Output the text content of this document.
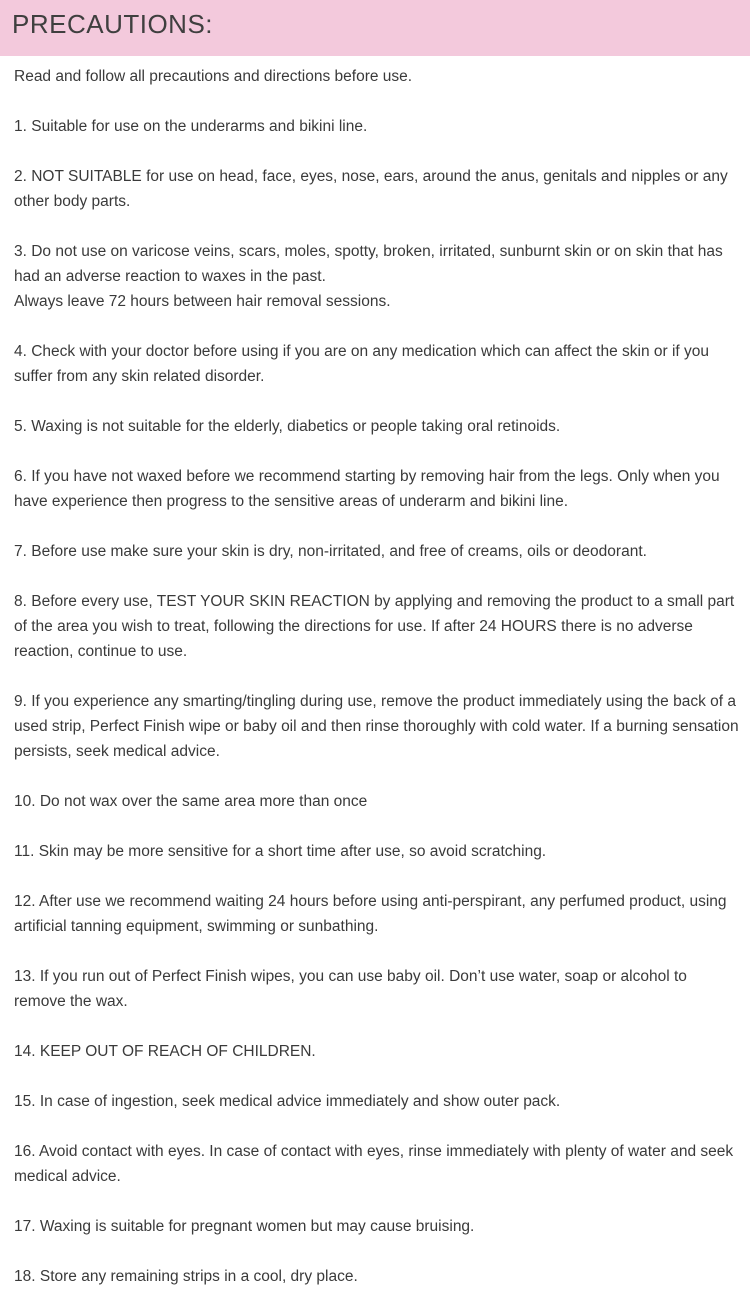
PRECAUTIONS:

Read and follow all precautions and directions before use.

1. Suitable for use on the underarms and bikini line.
2. NOT SUITABLE for use on head, face, eyes, nose, ears, around the anus, genitals and nipples or any other body parts.
3. Do not use on varicose veins, scars, moles, spotty, broken, irritated, sunburnt skin or on skin that has had an adverse reaction to waxes in the past.
Always leave 72 hours between hair removal sessions.
4. Check with your doctor before using if you are on any medication which can affect the skin or if you suffer from any skin related disorder.
5. Waxing is not suitable for the elderly, diabetics or people taking oral retinoids.
6. If you have not waxed before we recommend starting by removing hair from the legs. Only when you have experience then progress to the sensitive areas of underarm and bikini line.
7. Before use make sure your skin is dry, non-irritated, and free of creams, oils or deodorant.
8. Before every use, TEST YOUR SKIN REACTION by applying and removing the product to a small part of the area you wish to treat, following the directions for use. If after 24 HOURS there is no adverse reaction, continue to use.
9. If you experience any smarting/tingling during use, remove the product immediately using the back of a used strip, Perfect Finish wipe or baby oil and then rinse thoroughly with cold water. If a burning sensation persists, seek medical advice.
10. Do not wax over the same area more than once
11. Skin may be more sensitive for a short time after use, so avoid scratching.
12. After use we recommend waiting 24 hours before using anti-perspirant, any perfumed product, using artificial tanning equipment, swimming or sunbathing.
13. If you run out of Perfect Finish wipes, you can use baby oil. Don’t use water, soap or alcohol to remove the wax.
14. KEEP OUT OF REACH OF CHILDREN.
15. In case of ingestion, seek medical advice immediately and show outer pack.
16. Avoid contact with eyes. In case of contact with eyes, rinse immediately with plenty of water and seek medical advice.
17. Waxing is suitable for pregnant women but may cause bruising.
18. Store any remaining strips in a cool, dry place.
